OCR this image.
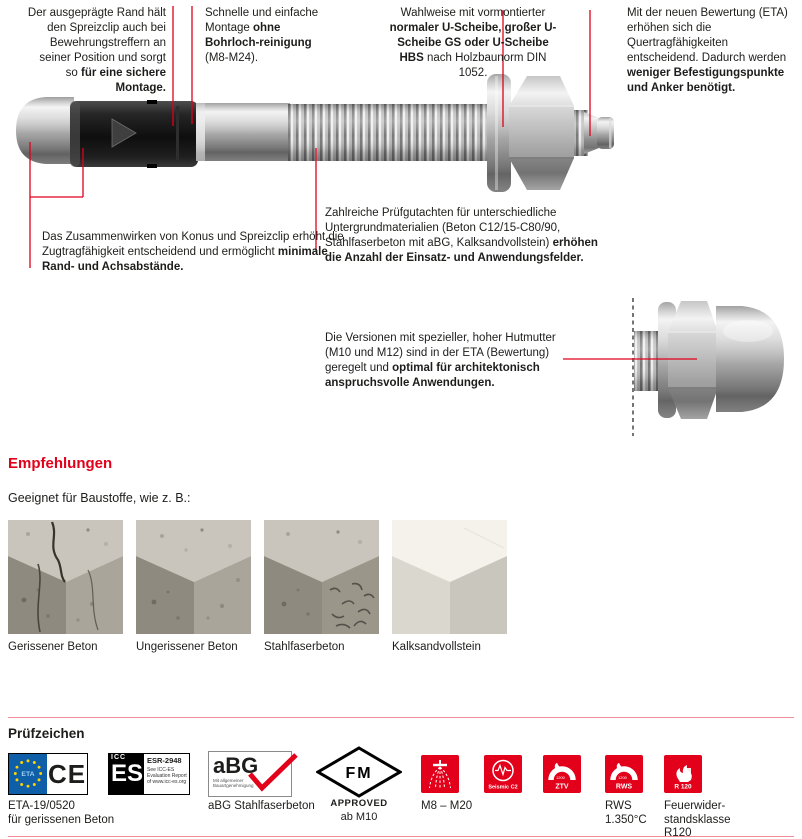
Der ausgeprägte Rand hält den Spreizclip auch bei Bewehrungstreffern an seiner Position und sorgt so für eine sichere Montage.
Schnelle und einfache Montage ohne Bohrloch-reinigung (M8-M24).
Wahlweise mit vormontierter normaler U-Scheibe, großer U-Scheibe GS oder U-Scheibe HBS nach Holzbaunorm DIN 1052.
Mit der neuen Bewertung (ETA) erhöhen sich die Quertragfähigkeiten entscheidend. Dadurch werden weniger Befestigungspunkte und Anker benötigt.
Das Zusammenwirken von Konus und Spreizclip erhöht die Zugtragfähigkeit entscheidend und ermöglicht minimale Rand- und Achsabstände.
Zahlreiche Prüfgutachten für unterschiedliche Untergrundmaterialien (Beton C12/15-C80/90, Stahlfaserbeton mit aBG, Kalksandvollstein) erhöhen die Anzahl der Einsatz- und Anwendungsfelder.
Die Versionen mit spezieller, hoher Hutmutter (M10 und M12) sind in der ETA (Bewertung) geregelt und optimal für architektonisch anspruchsvolle Anwendungen.
Empfehlungen
Geeignet für Baustoffe, wie z. B.:
Gerissener Beton	Ungerissener Beton Stahlfaserbeton	Kalksandvollstein
Prüfzeichen
ETA CE
ICC
ES ESR-2948
See ICC-ES
Evaluation Report
of www.icc-es.org
aBG
Mit allgemeiner Bauartgenehmigung
FM
APPROVED
ab M10
Seismic C2
1200
ZTV
1200
RWS	R 120
ETA-19/0520
für gerissenen Beton
aBG Stahlfaserbeton	M8 – M20	RWS
1.350°C
Feuerwider-
standsklasse
R120
